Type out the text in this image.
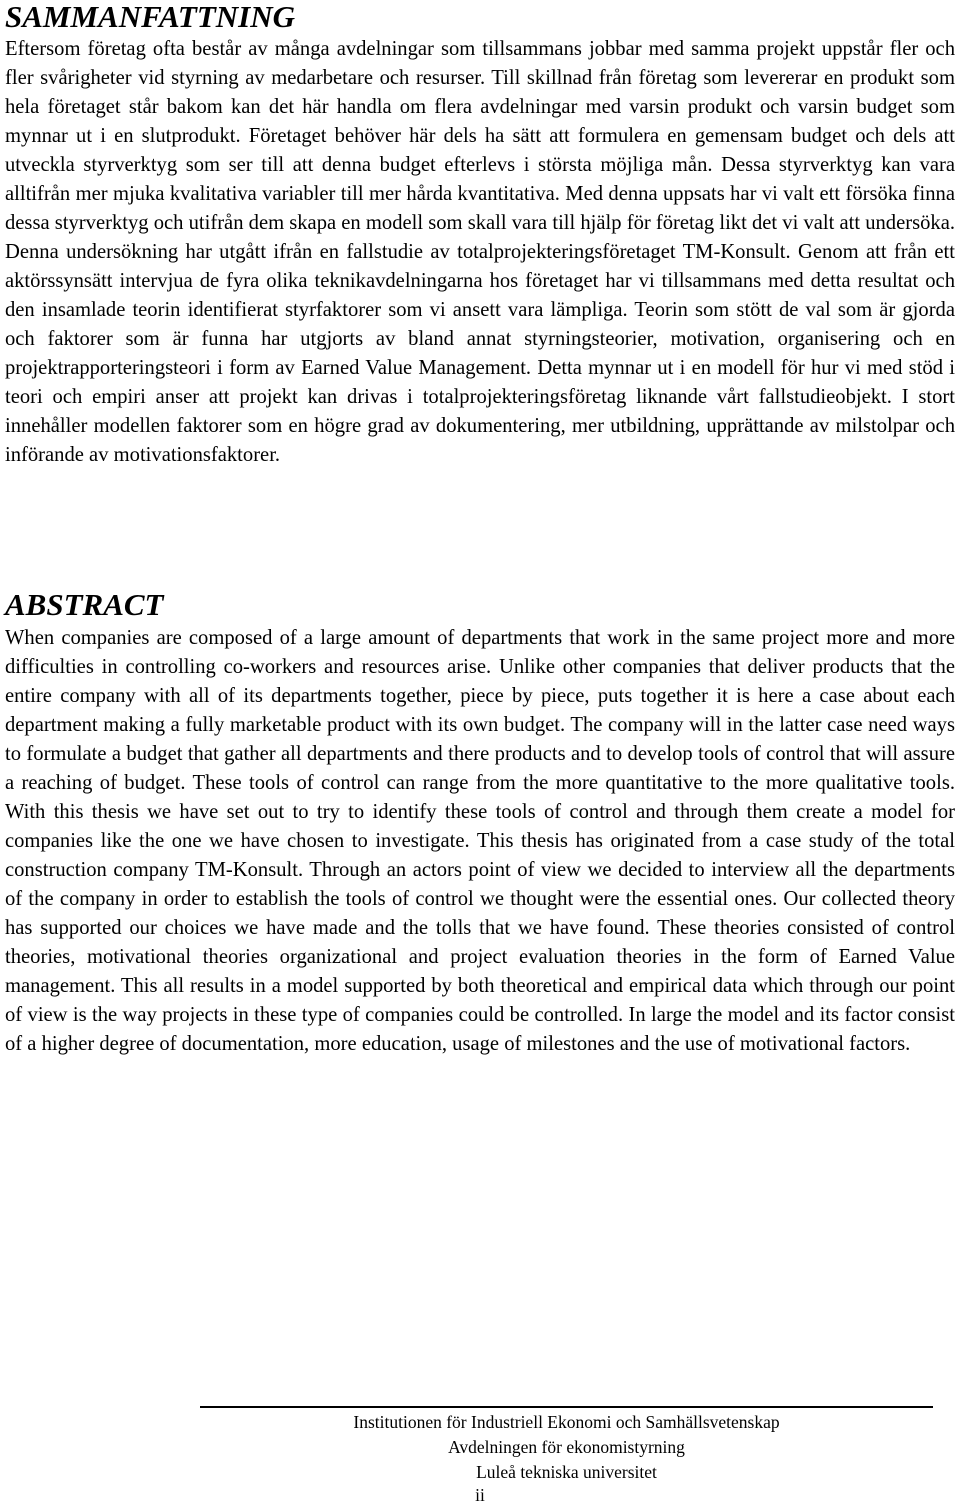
SAMMANFATTNING

Eftersom företag ofta består av många avdelningar som tillsammans jobbar med samma projekt uppstår fler och fler svårigheter vid styrning av medarbetare och resurser. Till skillnad från företag som levererar en produkt som hela företaget står bakom kan det här handla om flera avdelningar med varsin produkt och varsin budget som mynnar ut i en slutprodukt. Företaget behöver här dels ha sätt att formulera en gemensam budget och dels att utveckla styrverktyg som ser till att denna budget efterlevs i största möjliga mån. Dessa styrverktyg kan vara alltifrån mer mjuka kvalitativa variabler till mer hårda kvantitativa. Med denna uppsats har vi valt ett försöka finna dessa styrverktyg och utifrån dem skapa en modell som skall vara till hjälp för företag likt det vi valt att undersöka. Denna undersökning har utgått ifrån en fallstudie av totalprojekteringsföretaget TM-Konsult. Genom att från ett aktörssynsätt intervjua de fyra olika teknikavdelningarna hos företaget har vi tillsammans med detta resultat och den insamlade teorin identifierat styrfaktorer som vi ansett vara lämpliga. Teorin som stött de val som är gjorda och faktorer som är funna har utgjorts av bland annat styrningsteorier, motivation, organisering och en projektrapporteringsteori i form av Earned Value Management. Detta mynnar ut i en modell för hur vi med stöd i teori och empiri anser att projekt kan drivas i totalprojekteringsföretag liknande vårt fallstudieobjekt. I stort innehåller modellen faktorer som en högre grad av dokumentering, mer utbildning, upprättande av milstolpar och införande av motivationsfaktorer.

ABSTRACT

When companies are composed of a large amount of departments that work in the same project more and more difficulties in controlling co-workers and resources arise. Unlike other companies that deliver products that the entire company with all of its departments together, piece by piece, puts together it is here a case about each department making a fully marketable product with its own budget. The company will in the latter case need ways to formulate a budget that gather all departments and there products and to develop tools of control that will assure a reaching of budget. These tools of control can range from the more quantitative to the more qualitative tools. With this thesis we have set out to try to identify these tools of control and through them create a model for companies like the one we have chosen to investigate. This thesis has originated from a case study of the total construction company TM-Konsult. Through an actors point of view we decided to interview all the departments of the company in order to establish the tools of control we thought were the essential ones. Our collected theory has supported our choices we have made and the tolls that we have found. These theories consisted of control theories, motivational theories organizational and project evaluation theories in the form of Earned Value management. This all results in a model supported by both theoretical and empirical data which through our point of view is the way projects in these type of companies could be controlled. In large the model and its factor consist of a higher degree of documentation, more education, usage of milestones and the use of motivational factors.

Institutionen för Industriell Ekonomi och Samhällsvetenskap
Avdelningen för ekonomistyrning
Luleå tekniska universitet
ii
